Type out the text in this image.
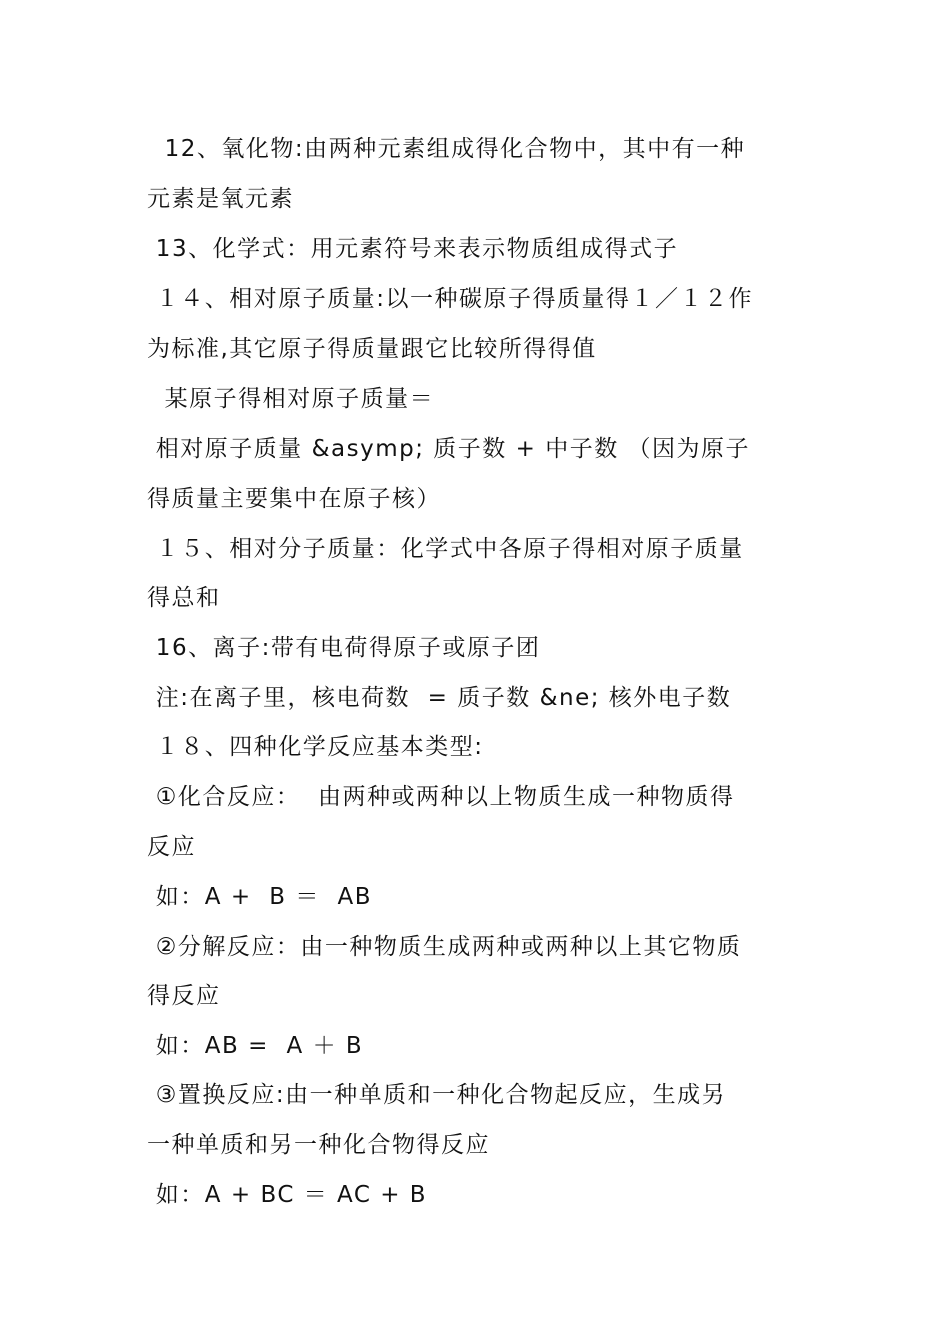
12、氧化物:由两种元素组成得化合物中，其中有一种
元素是氧元素
13、化学式：用元素符号来表示物质组成得式子
１４、相对原子质量:以一种碳原子得质量得１／１２作
为标准,其它原子得质量跟它比较所得得值
某原子得相对原子质量＝
相对原子质量 &asymp; 质子数 + 中子数 （因为原子
得质量主要集中在原子核）
１５、相对分子质量：化学式中各原子得相对原子质量
得总和
16、离子:带有电荷得原子或原子团
注:在离子里，核电荷数  = 质子数 &ne; 核外电子数
１８、四种化学反应基本类型:
①化合反应：  由两种或两种以上物质生成一种物质得
反应
如：A +  B ＝  AB
②分解反应：由一种物质生成两种或两种以上其它物质
得反应
如：AB =  A ＋ B
③置换反应:由一种单质和一种化合物起反应，生成另
一种单质和另一种化合物得反应
如：A + BC ＝ AC + B
